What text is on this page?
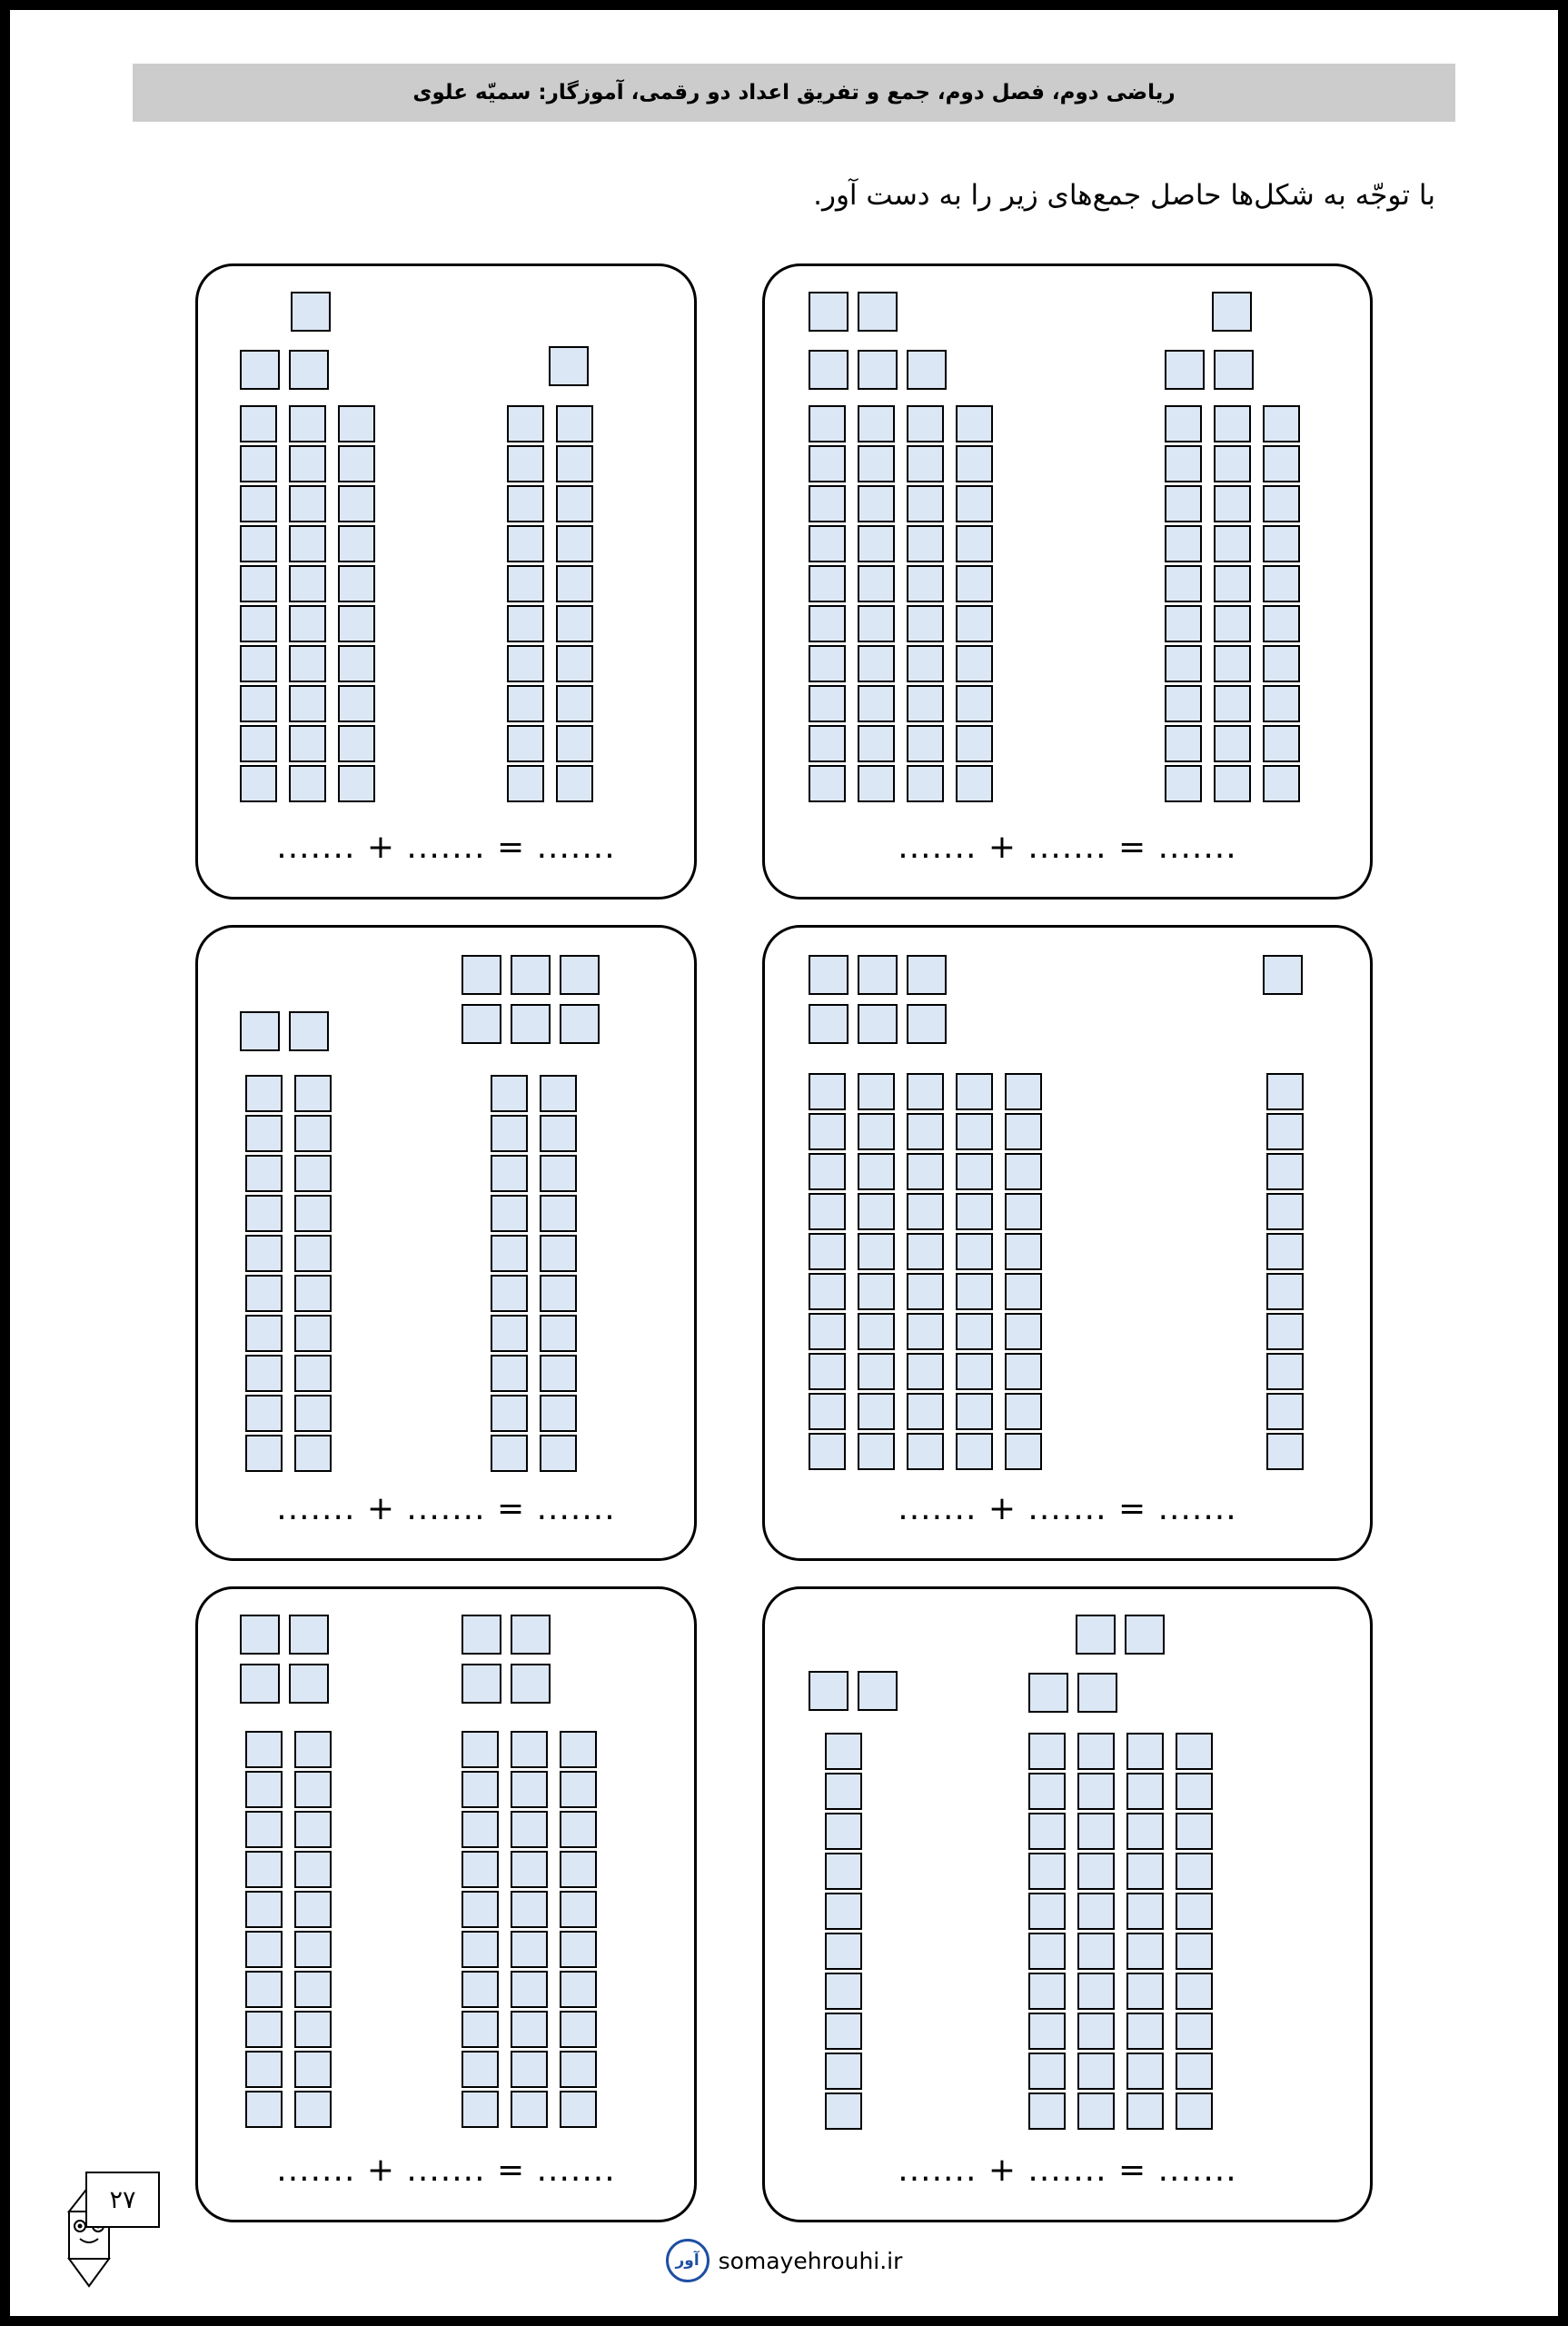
ریاضی دوم، فصل دوم، جمع و تفریق اعداد دو رقمی، آموزگار: سمیّه علوی
با توجّه به شکل‌ها حاصل جمع‌های زیر را به دست آور.
....... + ....... = .......	....... + ....... = .......
....... + ....... = .......	....... + ....... = .......
....... + ....... = .......	....... + ....... = .......
۲۷
آور somayehrouhi.ir
